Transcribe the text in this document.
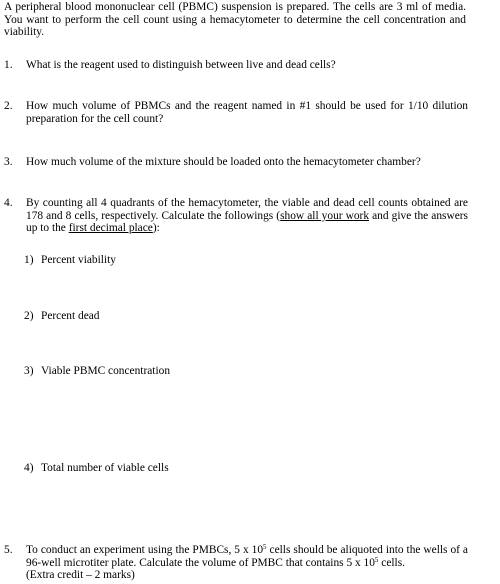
A peripheral blood mononuclear cell (PBMC) suspension is prepared. The cells are 3 ml of media. You want to perform the cell count using a hemacytometer to determine the cell concentration and viability.
1.	What is the reagent used to distinguish between live and dead cells?
2.	How much volume of PBMCs and the reagent named in #1 should be used for 1/10 dilution preparation for the cell count?
3.	How much volume of the mixture should be loaded onto the hemacytometer chamber?
4.	By counting all 4 quadrants of the hemacytometer, the viable and dead cell counts obtained are 178 and 8 cells, respectively. Calculate the followings (show all your work and give the answers up to the first decimal place):
1) Percent viability
2) Percent dead
3) Viable PBMC concentration
4) Total number of viable cells
5.	To conduct an experiment using the PMBCs, 5 x $10^5$ cells should be aliquoted into the wells of a 96-well microtiter plate. Calculate the volume of PMBC that contains 5 x $10^5$ cells.
(Extra credit – 2 marks)
